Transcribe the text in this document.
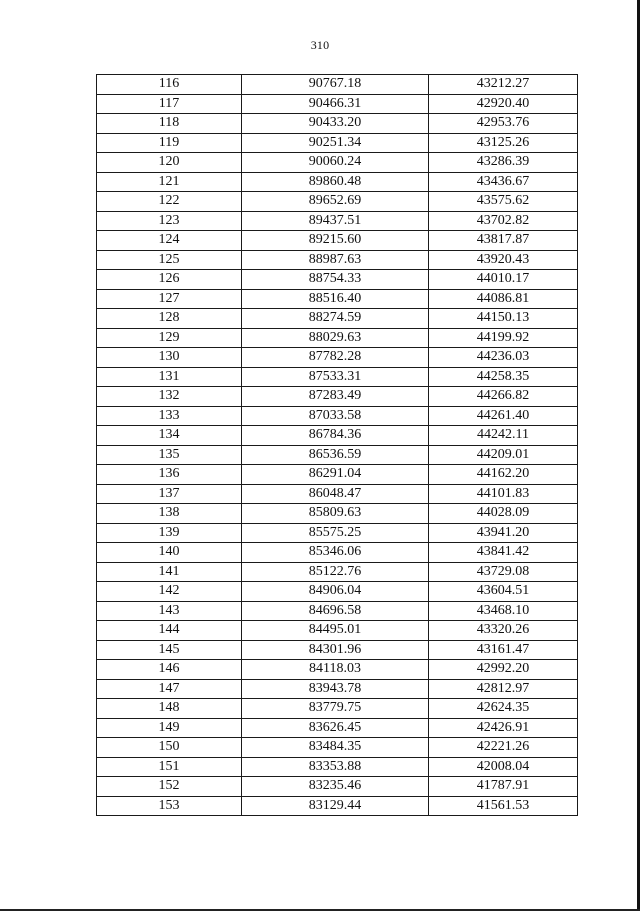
310
116	90767.18	43212.27
117	90466.31	42920.40
118	90433.20	42953.76
119	90251.34	43125.26
120	90060.24	43286.39
121	89860.48	43436.67
122	89652.69	43575.62
123	89437.51	43702.82
124	89215.60	43817.87
125	88987.63	43920.43
126	88754.33	44010.17
127	88516.40	44086.81
128	88274.59	44150.13
129	88029.63	44199.92
130	87782.28	44236.03
131	87533.31	44258.35
132	87283.49	44266.82
133	87033.58	44261.40
134	86784.36	44242.11
135	86536.59	44209.01
136	86291.04	44162.20
137	86048.47	44101.83
138	85809.63	44028.09
139	85575.25	43941.20
140	85346.06	43841.42
141	85122.76	43729.08
142	84906.04	43604.51
143	84696.58	43468.10
144	84495.01	43320.26
145	84301.96	43161.47
146	84118.03	42992.20
147	83943.78	42812.97
148	83779.75	42624.35
149	83626.45	42426.91
150	83484.35	42221.26
151	83353.88	42008.04
152	83235.46	41787.91
153	83129.44	41561.53
